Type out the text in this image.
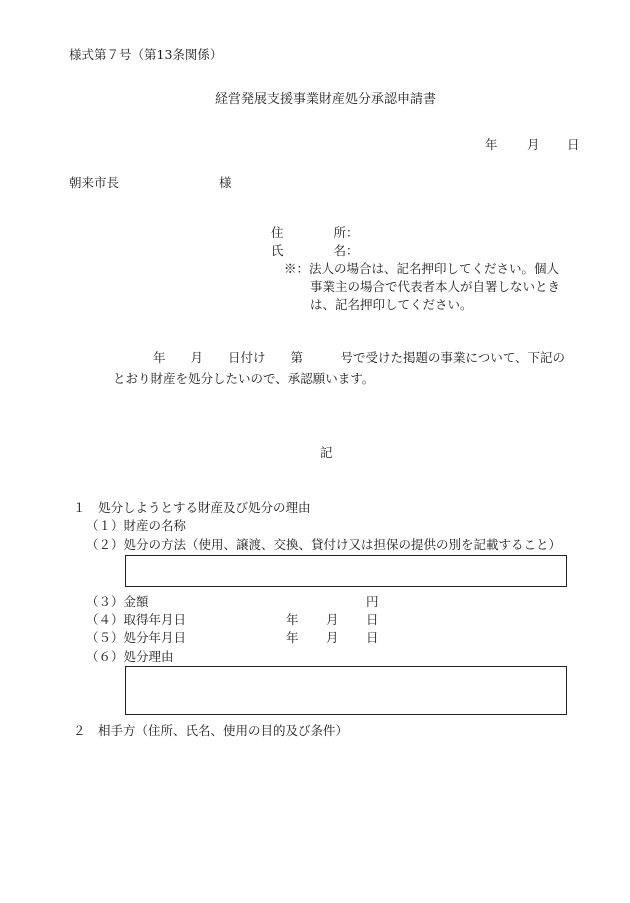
様式第７号（第13条関係）
経営発展支援事業財産処分承認申請書
年 月 日
朝来市長	様
住　　　　所：
氏　　　　名：
※：法人の場合は、記名押印してください。個人
事業主の場合で代表者本人が自署しないとき
は、記名押印してください。
年　　月　　日付け　　第　　　号で受けた掲題の事業について、下記の
とおり財産を処分したいので、承認願います。
記
１　処分しようとする財産及び処分の理由
（１）財産の名称
（２）処分の方法（使用、譲渡、交換、貸付け又は担保の提供の別を記載すること）
（３）金額	円
（４）取得年月日	年 月 日
（５）処分年月日	年 月 日
（６）処分理由
２　相手方（住所、氏名、使用の目的及び条件）
